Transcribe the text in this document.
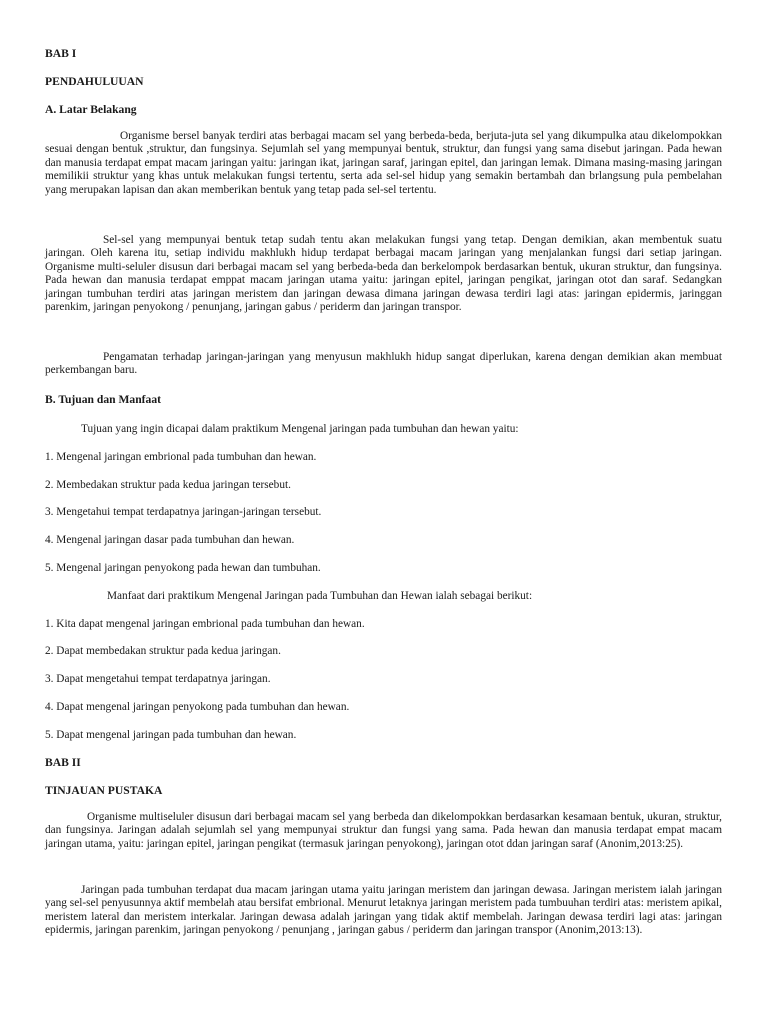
BAB I
PENDAHULUUAN
A. Latar Belakang

Organisme bersel banyak terdiri atas berbagai macam sel yang berbeda-beda, berjuta-juta sel yang dikumpulka atau dikelompokkan sesuai dengan bentuk ,struktur, dan fungsinya. Sejumlah sel yang mempunyai bentuk, struktur, dan fungsi yang sama disebut jaringan. Pada hewan dan manusia terdapat empat macam jaringan yaitu: jaringan ikat, jaringan saraf, jaringan epitel, dan jaringan lemak. Dimana masing-masing jaringan memilikii struktur yang khas untuk melakukan fungsi tertentu, serta ada sel-sel hidup yang semakin bertambah dan brlangsung pula pembelahan yang merupakan lapisan dan akan memberikan bentuk yang tetap pada sel-sel tertentu.

Sel-sel yang mempunyai bentuk tetap sudah tentu akan melakukan fungsi yang tetap. Dengan demikian, akan membentuk suatu jaringan. Oleh karena itu, setiap individu makhlukh hidup terdapat berbagai macam jaringan yang menjalankan fungsi dari setiap jaringan. Organisme multi-seluler disusun dari berbagai macam sel yang berbeda-beda dan berkelompok berdasarkan bentuk, ukuran struktur, dan fungsinya. Pada hewan dan manusia terdapat emppat macam jaringan utama yaitu: jaringan epitel, jaringan pengikat, jaringan otot dan saraf. Sedangkan jaringan tumbuhan terdiri atas jaringan meristem dan jaringan dewasa dimana jaringan dewasa terdiri lagi atas: jaringan epidermis, jaringgan parenkim, jaringan penyokong / penunjang, jaringan gabus / periderm dan jaringan transpor.

Pengamatan terhadap jaringan-jaringan yang menyusun makhlukh hidup sangat diperlukan, karena dengan demikian akan membuat perkembangan baru.

B. Tujuan dan Manfaat
Tujuan yang ingin dicapai dalam praktikum Mengenal jaringan pada tumbuhan dan hewan yaitu:
1. Mengenal jaringan embrional pada tumbuhan dan hewan.
2. Membedakan struktur pada kedua jaringan tersebut.
3. Mengetahui tempat terdapatnya jaringan-jaringan tersebut.
4. Mengenal jaringan dasar pada tumbuhan dan hewan.
5. Mengenal jaringan penyokong pada hewan dan tumbuhan.
Manfaat dari praktikum Mengenal Jaringan pada Tumbuhan dan Hewan ialah sebagai berikut:
1. Kita dapat mengenal jaringan embrional pada tumbuhan dan hewan.
2. Dapat membedakan struktur pada kedua jaringan.
3. Dapat mengetahui tempat terdapatnya jaringan.
4. Dapat mengenal jaringan penyokong pada tumbuhan dan hewan.
5. Dapat mengenal jaringan pada tumbuhan dan hewan.
BAB II
TINJAUAN PUSTAKA

Organisme multiseluler disusun dari berbagai macam sel yang berbeda dan dikelompokkan berdasarkan kesamaan bentuk, ukuran, struktur, dan fungsinya. Jaringan adalah sejumlah sel yang mempunyai struktur dan fungsi yang sama. Pada hewan dan manusia terdapat empat macam jaringan utama, yaitu: jaringan epitel, jaringan pengikat (termasuk jaringan penyokong), jaringan otot ddan jaringan saraf (Anonim,2013:25).

Jaringan pada tumbuhan terdapat dua macam jaringan utama yaitu jaringan meristem dan jaringan dewasa. Jaringan meristem ialah jaringan yang sel-sel penyusunnya aktif membelah atau bersifat embrional. Menurut letaknya jaringan meristem pada tumbuuhan terdiri atas: meristem apikal, meristem lateral dan meristem interkalar. Jaringan dewasa adalah jaringan yang tidak aktif membelah. Jaringan dewasa terdiri lagi atas: jaringan epidermis, jaringan parenkim, jaringan penyokong / penunjang , jaringan gabus / periderm dan jaringan transpor (Anonim,2013:13).
